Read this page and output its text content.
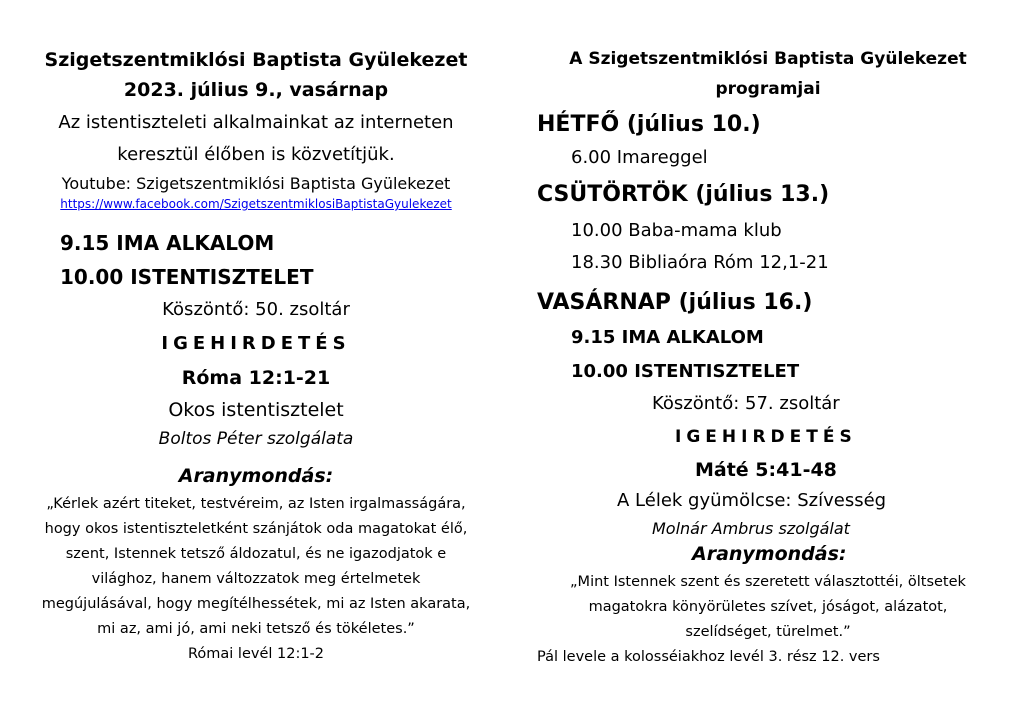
Szigetszentmiklósi Baptista Gyülekezet
2023. július 9., vasárnap
Az istentiszteleti alkalmainkat az interneten
keresztül élőben is közvetítjük.
Youtube: Szigetszentmiklósi Baptista Gyülekezet
https://www.facebook.com/SzigetszentmiklosiBaptistaGyulekezet
9.15 IMA ALKALOM
10.00 ISTENTISZTELET
Köszöntő: 50. zsoltár
IGEHIRDETÉS
Róma 12:1-21
Okos istentisztelet
Boltos Péter szolgálata
Aranymondás:
„Kérlek azért titeket, testvéreim, az Isten irgalmasságára,
hogy okos istentiszteletként szánjátok oda magatokat élő,
szent, Istennek tetsző áldozatul, és ne igazodjatok e
világhoz, hanem változzatok meg értelmetek
megújulásával, hogy megítélhessétek, mi az Isten akarata,
mi az, ami jó, ami neki tetsző és tökéletes.”
Római levél 12:1-2
A Szigetszentmiklósi Baptista Gyülekezet
programjai
HÉTFŐ (július 10.)
6.00 Imareggel
CSÜTÖRTÖK (július 13.)
10.00 Baba-mama klub
18.30 Bibliaóra Róm 12,1-21
VASÁRNAP (július 16.)
9.15 IMA ALKALOM
10.00 ISTENTISZTELET
Köszöntő: 57. zsoltár
IGEHIRDETÉS
Máté 5:41-48
A Lélek gyümölcse: Szívesség
Molnár Ambrus szolgálat
Aranymondás:
„Mint Istennek szent és szeretett választottéi, öltsetek
magatokra könyörületes szívet, jóságot, alázatot,
szelídséget, türelmet.”
Pál levele a kolosséiakhoz levél 3. rész 12. vers
